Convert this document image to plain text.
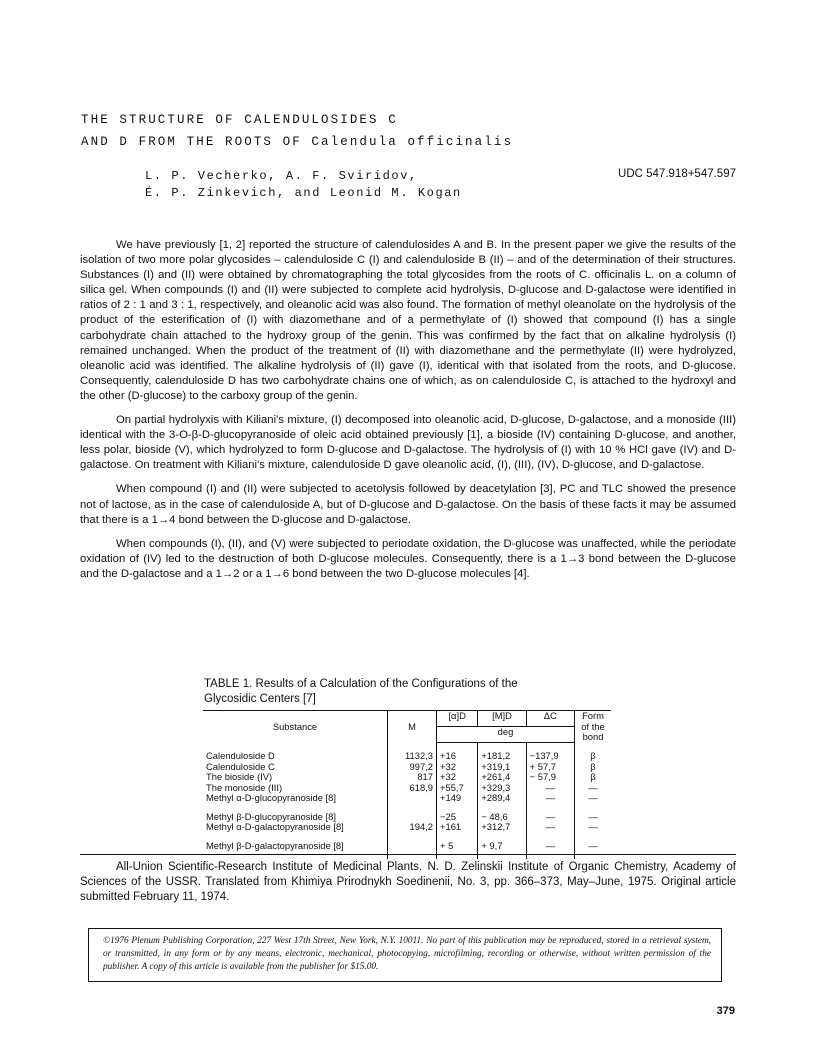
THE STRUCTURE OF CALENDULOSIDES C
AND D FROM THE ROOTS OF Calendula officinalis
L. P. Vecherko, A. F. Sviridov,
É. P. Zinkevich, and Leonid M. Kogan
UDC 547.918+547.597

We have previously [1, 2] reported the structure of calendulosides A and B. In the present paper we give the results of the isolation of two more polar glycosides – calenduloside C (I) and calenduloside B (II) – and of the determination of their structures. Substances (I) and (II) were obtained by chromatographing the total glycosides from the roots of C. officinalis L. on a column of silica gel. When compounds (I) and (II) were subjected to complete acid hydrolysis, D-glucose and D-galactose were identified in ratios of 2 : 1 and 3 : 1, respectively, and oleanolic acid was also found. The formation of methyl oleanolate on the hydrolysis of the product of the esterification of (I) with diazomethane and of a permethylate of (I) showed that compound (I) has a single carbohydrate chain attached to the hydroxy group of the genin. This was confirmed by the fact that on alkaline hydrolysis (I) remained unchanged. When the product of the treatment of (II) with diazomethane and the permethylate (II) were hydrolyzed, oleanolic acid was identified. The alkaline hydrolysis of (II) gave (I), identical with that isolated from the roots, and D-glucose. Consequently, calenduloside D has two carbohydrate chains one of which, as on calenduloside C, is attached to the hydroxyl and the other (D-glucose) to the carboxy group of the genin.

On partial hydrolyxis with Kiliani's mixture, (I) decomposed into oleanolic acid, D-glucose, D-galactose, and a monoside (III) identical with the 3-O-β-D-glucopyranoside of oleic acid obtained previously [1], a bioside (IV) containing D-glucose, and another, less polar, bioside (V), which hydrolyzed to form D-glucose and D-galactose. The hydrolysis of (I) with 10 % HCl gave (IV) and D-galactose. On treatment with Kiliani's mixture, calenduloside D gave oleanolic acid, (I), (III), (IV), D-glucose, and D-galactose.

When compound (I) and (II) were subjected to acetolysis followed by deacetylation [3], PC and TLC showed the presence not of lactose, as in the case of calenduloside A, but of D-glucose and D-galactose. On the basis of these facts it may be assumed that there is a 1→4 bond between the D-glucose and D-galactose.

When compounds (I), (II), and (V) were subjected to periodate oxidation, the D-glucose was unaffected, while the periodate oxidation of (IV) led to the destruction of both D-glucose molecules. Consequently, there is a 1→3 bond between the D-glucose and the D-galactose and a 1→2 or a 1→6 bond between the two D-glucose molecules [4].

TABLE 1. Results of a Calculation of the Configurations of the
Glycosidic Centers [7]
Substance	M	[α]D	[M]D	ΔC	Form of the bond
		deg			

Calenduloside D	1132,3	+16	+181,2	−137,9	β
Calenduloside C	997,2	+32	+319,1	+ 57,7	β
The bioside (IV)	817	+32	+261,4	− 57,9	β
The monoside (III)	618,9	+55,7	+329,3	—	—
Methyl α-D-glucopyranoside [8]		+149	+289,4	—	—

Methyl β-D-glucopyranoside [8]		−25	− 48,6	—	—
Methyl α-D-galactopyranoside [8]	194,2	+161	+312,7	—	—

Methyl β-D-galactopyranoside [8]		+ 5	+ 9,7	—	—

All-Union Scientific-Research Institute of Medicinal Plants. N. D. Zelinskii Institute of Organic Chemistry, Academy of Sciences of the USSR. Translated from Khimiya Prirodnykh Soedinenii, No. 3, pp. 366–373, May–June, 1975. Original article submitted February 11, 1974.
©1976 Plenum Publishing Corporation, 227 West 17th Street, New York, N.Y. 10011. No part of this publication may be reproduced, stored in a retrieval system, or transmitted, in any form or by any means, electronic, mechanical, photocopying, microfilming, recording or otherwise, without written permission of the publisher. A copy of this article is available from the publisher for $15.00.
379
